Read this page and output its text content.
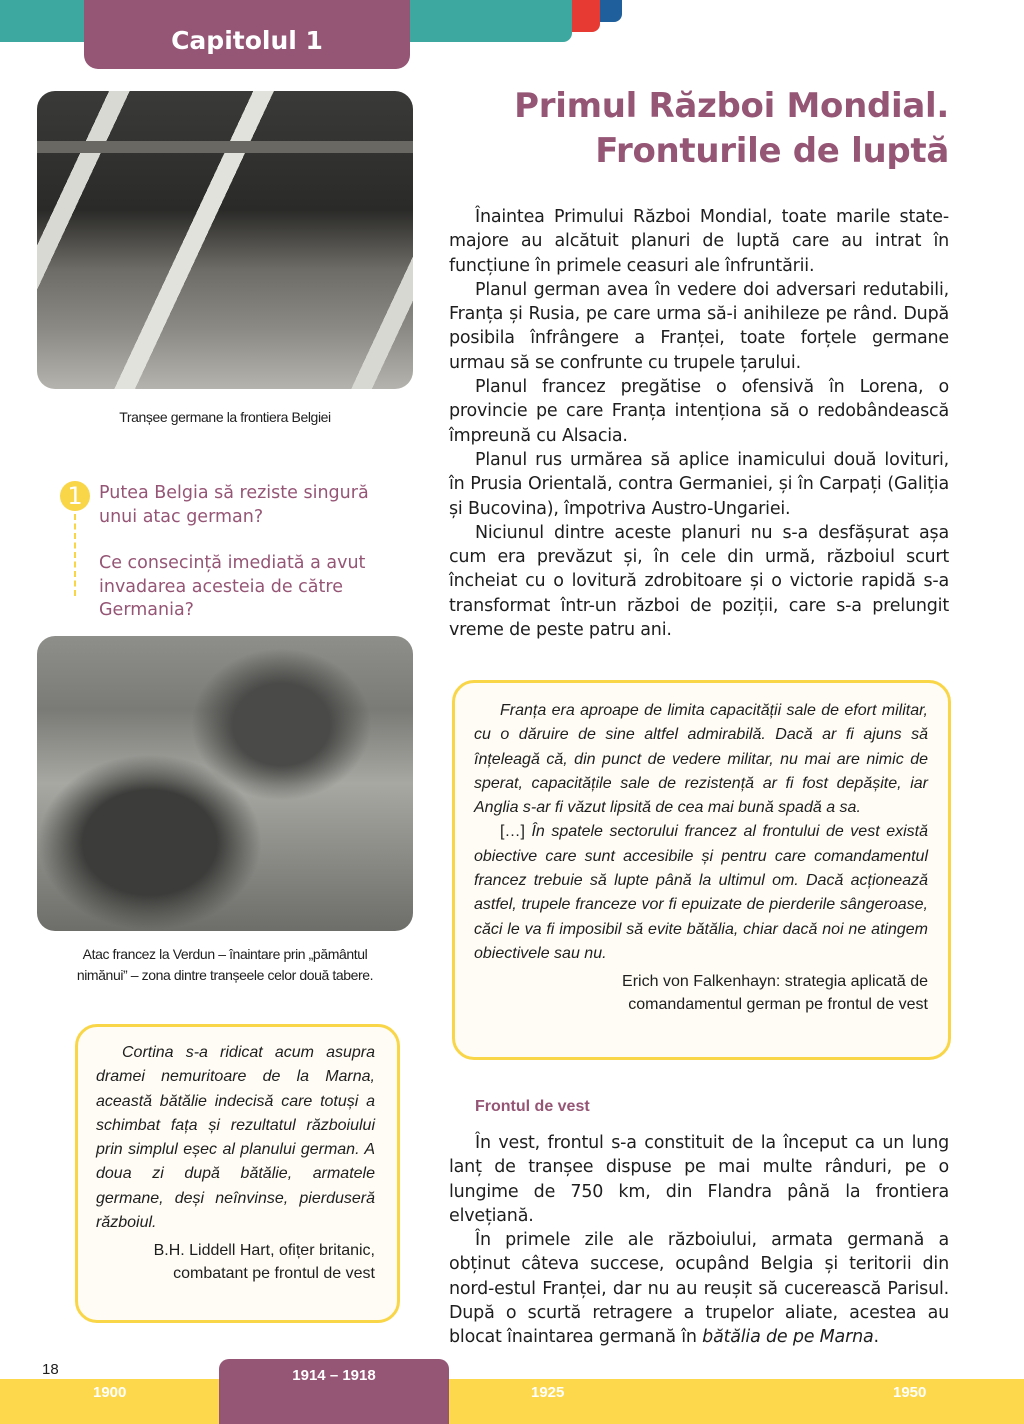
Capitolul 1
Primul Război Mondial.
Fronturile de luptă
Tranșee germane la frontiera Belgiei
1 Putea Belgia să reziste singură unui atac german?
Ce consecință imediată a avut invadarea acesteia de către Germania?
Atac francez la Verdun – înaintare prin „pământul
nimănui” – zona dintre tranșeele celor două tabere.

Înaintea Primului Război Mondial, toate marile state-majore au alcătuit planuri de luptă care au intrat în funcțiune în primele ceasuri ale înfruntării.

Planul german avea în vedere doi adversari redutabili, Franța și Rusia, pe care urma să-i anihileze pe rând. După posibila înfrângere a Franței, toate forțele germane urmau să se confrunte cu trupele țarului.

Planul francez pregătise o ofensivă în Lorena, o provincie pe care Franța intenționa să o redobândească împreună cu Alsacia.

Planul rus urmărea să aplice inamicului două lovituri, în Prusia Orientală, contra Germaniei, și în Carpați (Galiția și Bucovina), împotriva Austro-Ungariei.

Niciunul dintre aceste planuri nu s-a desfășurat așa cum era prevăzut și, în cele din urmă, războiul scurt încheiat cu o lovitură zdrobitoare și o victorie rapidă s-a transformat într-un război de poziții, care s-a prelungit vreme de peste patru ani.

Franța era aproape de limita capacității sale de efort militar, cu o dăruire de sine altfel admirabilă. Dacă ar fi ajuns să înțeleagă că, din punct de vedere militar, nu mai are nimic de sperat, capacitățile sale de rezistență ar fi fost depășite, iar Anglia s-ar fi văzut lipsită de cea mai bună spadă a sa.

[…] În spatele sectorului francez al frontului de vest există obiective care sunt accesibile și pentru care comandamentul francez trebuie să lupte până la ultimul om. Dacă acționează astfel, trupele franceze vor fi epuizate de pierderile sângeroase, căci le va fi imposibil să evite bătălia, chiar dacă noi ne atingem obiectivele sau nu.

Erich von Falkenhayn: strategia aplicată de
comandamentul german pe frontul de vest

Cortina s-a ridicat acum asupra dramei nemuritoare de la Marna, această bătălie indecisă care totuși a schimbat fața și rezultatul războiului prin simplul eșec al planului german. A doua zi după bătălie, armatele germane, deși neînvinse, pierduseră războiul.

B.H. Liddell Hart, ofițer britanic,
combatant pe frontul de vest
Frontul de vest

În vest, frontul s-a constituit de la început ca un lung lanț de tranșee dispuse pe mai multe rânduri, pe o lungime de 750 km, din Flandra până la frontiera elvețiană.

În primele zile ale războiului, armata germană a obținut câteva succese, ocupând Belgia și teritorii din nord-estul Franței, dar nu au reușit să cucerească Parisul. După o scurtă retragere a trupelor aliate, acestea au blocat înaintarea germană în bătălia de pe Marna.

18	1914 – 1918
1900	1925	1950
